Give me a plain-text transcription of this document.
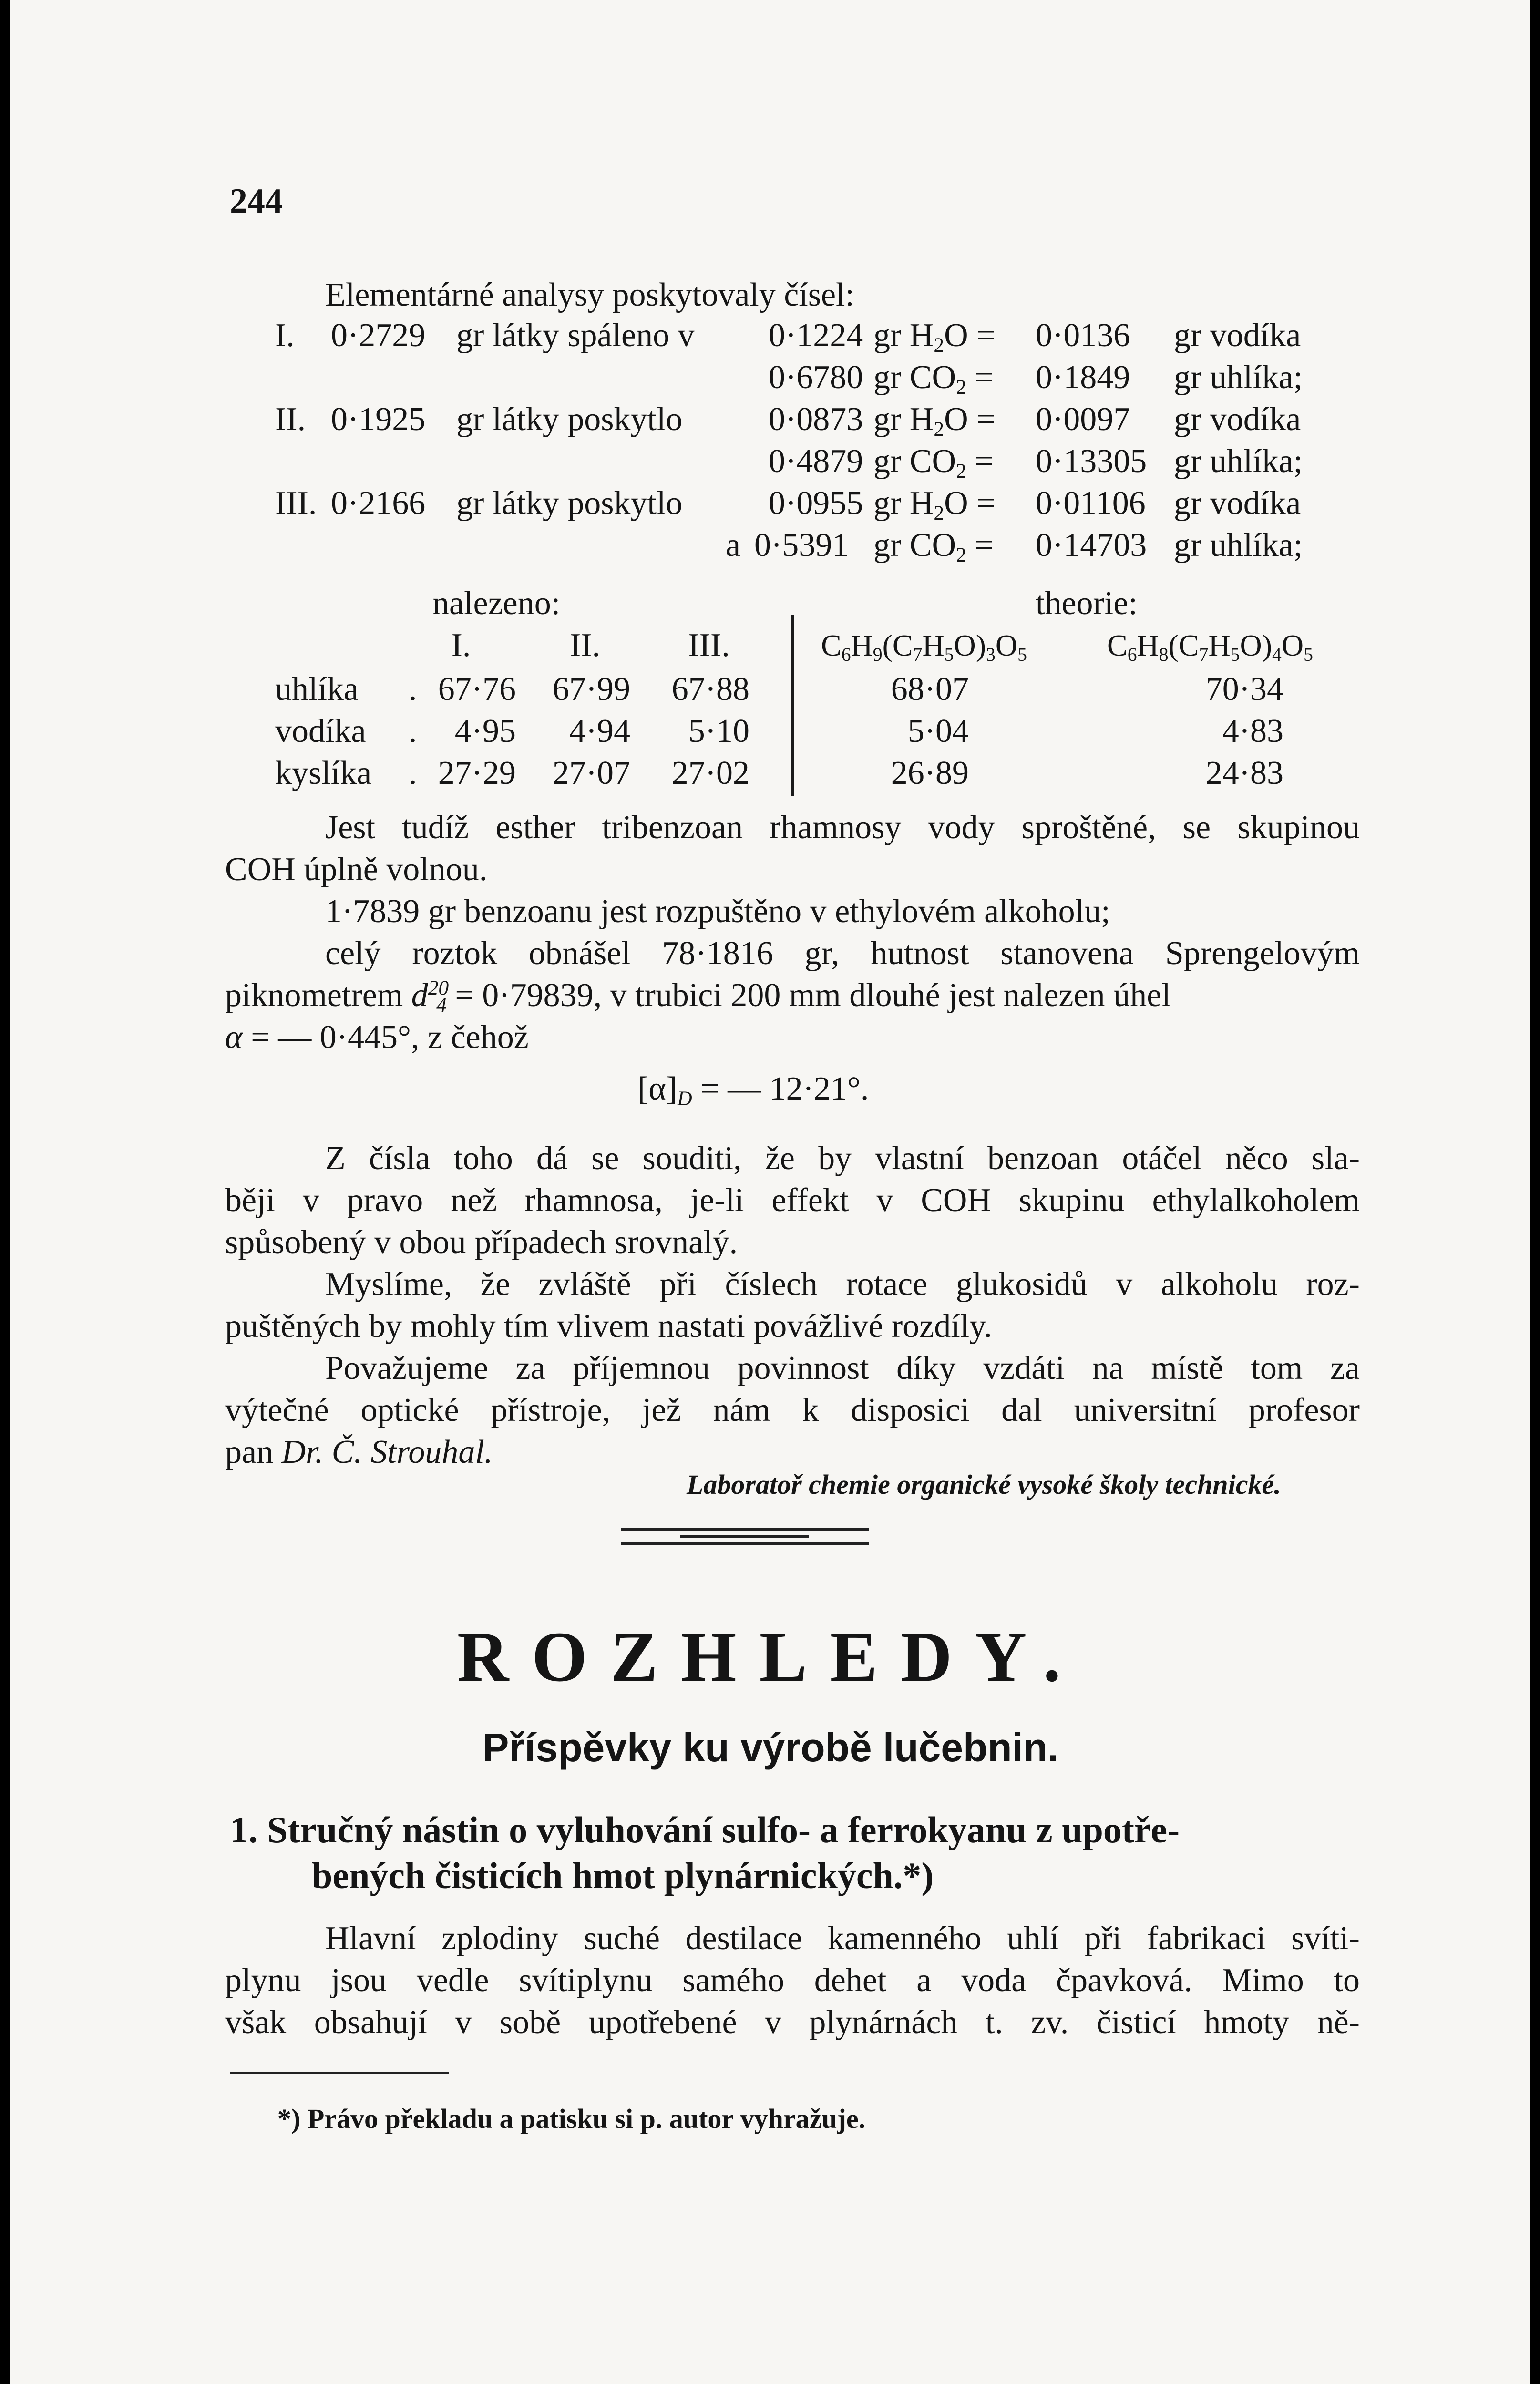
244
Elementárné analysy poskytovaly čísel:
I. 0·2729 gr látky spáleno v 0·1224 gr $H_2O = 0\cdot 0136$ gr vodíka
0·6780 gr $CO_2 = 0\cdot 1849$ gr uhlíka;
II. 0·1925 gr látky poskytlo	0·0873 gr $H_2O = 0\cdot 0097$ gr vodíka
0·4879 gr $CO_2 = 0\cdot 13305$ gr uhlíka;
III. 0·2166 gr látky poskytlo	0·0955 gr $H_2O = 0\cdot 01106$ gr vodíka
a 0·5391 gr $CO_2 = 0\cdot 14703$ gr uhlíka;
nalezeno:	theorie:
I.	II.	III.	$C_6H_9(C_7H_5O)_3O_5$	$C_6H_8(C_7H_5O)_4O_5$
uhlíka . 67·76	67·99	67·88	68·07	70·34
vodíka .	4·95	4·94	5·10	5·04	4·83
kyslíka . 27·29	27·07	27·02	26·89	24·83
Jest tudíž esther tribenzoan rhamnosy vody sproštěné, se skupinou
COH úplně volnou.
1·7839 gr benzoanu jest rozpuštěno v ethylovém alkoholu;
celý roztok obnášel 78·1816 gr, hutnost stanovena Sprengelovým
piknometrem $d^{20}_4 = 0\cdot 79839$, v trubici 200 mm dlouhé jest nalezen úhel
α = — 0·445°, z čehož
$[\alpha]_D$ = — 12·21°.
Z čísla toho dá se souditi, že by vlastní benzoan otáčel něco sla-
běji v pravo než rhamnosa, je-li effekt v COH skupinu ethylalkoholem
spůsobený v obou případech srovnalý.
Myslíme, že zvláště při číslech rotace glukosidů v alkoholu roz-
puštěných by mohly tím vlivem nastati povážlivé rozdíly.
Považujeme za příjemnou povinnost díky vzdáti na místě tom za
výtečné optické přístroje, jež nám k disposici dal universitní profesor
pan Dr. Č. Strouhal.
Laboratoř chemie organické vysoké školy technické.
ROZHLEDY.
Příspěvky ku výrobě lučebnin.
1. Stručný nástin o vyluhování sulfo- a ferrokyanu z upotře-
bených čisticích hmot plynárnických.*)
Hlavní zplodiny suché destilace kamenného uhlí při fabrikaci svíti-
plynu jsou vedle svítiplynu samého dehet a voda čpavková. Mimo to
však obsahují v sobě upotřebené v plynárnách t. zv. čisticí hmoty ně-
*) Právo překladu a patisku si p. autor vyhražuje.
